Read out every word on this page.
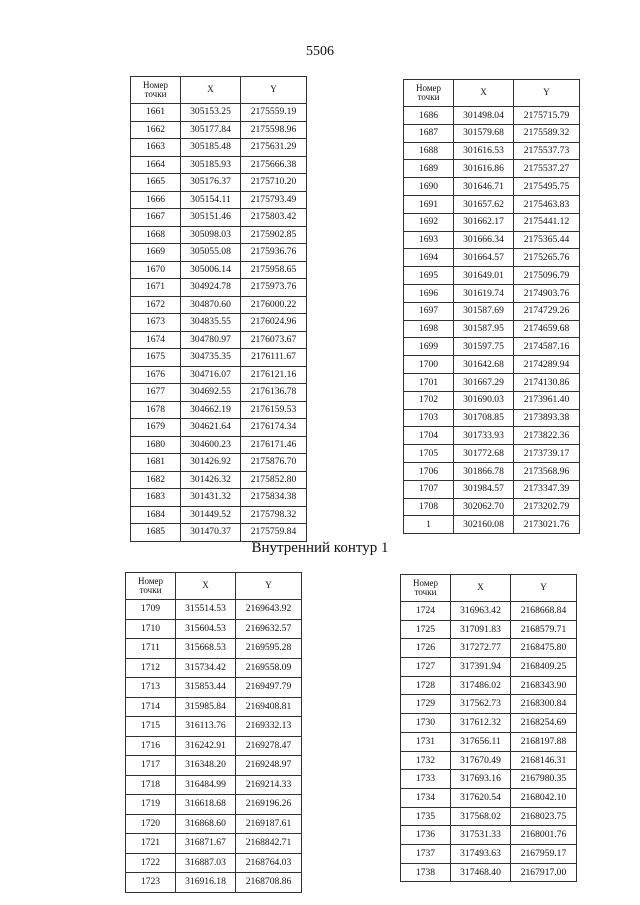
5506
Номер
точки	X	Y
1661	305153.25	2175559.19
1662	305177.84	2175598.96
1663	305185.48	2175631.29
1664	305185.93	2175666.38
1665	305176.37	2175710.20
1666	305154.11	2175793.49
1667	305151.46	2175803.42
1668	305098.03	2175902.85
1669	305055.08	2175936.76
1670	305006.14	2175958.65
1671	304924.78	2175973.76
1672	304870.60	2176000.22
1673	304835.55	2176024.96
1674	304780.97	2176073.67
1675	304735.35	2176111.67
1676	304716.07	2176121.16
1677	304692.55	2176136.78
1678	304662.19	2176159.53
1679	304621.64	2176174.34
1680	304600.23	2176171.46
1681	301426.92	2175876.70
1682	301426.32	2175852.80
1683	301431.32	2175834.38
1684	301449.52	2175798.32
1685	301470.37	2175759.84
Номер
точки	X	Y
1686	301498.04	2175715.79
1687	301579.68	2175589.32
1688	301616.53	2175537.73
1689	301616.86	2175537.27
1690	301646.71	2175495.75
1691	301657.62	2175463.83
1692	301662.17	2175441.12
1693	301666.34	2175365.44
1694	301664.57	2175265.76
1695	301649.01	2175096.79
1696	301619.74	2174903.76
1697	301587.69	2174729.26
1698	301587.95	2174659.68
1699	301597.75	2174587.16
1700	301642.68	2174289.94
1701	301667.29	2174130.86
1702	301690.03	2173961.40
1703	301708.85	2173893.38
1704	301733.93	2173822.36
1705	301772.68	2173739.17
1706	301866.78	2173568.96
1707	301984.57	2173347.39
1708	302062.70	2173202.79
1	302160.08	2173021.76
Внутренний контур 1
Номер
точки	X	Y
1709	315514.53	2169643.92
1710	315604.53	2169632.57
1711	315668.53	2169595.28
1712	315734.42	2169558.09
1713	315853.44	2169497.79
1714	315985.84	2169408.81
1715	316113.76	2169332.13
1716	316242.91	2169278.47
1717	316348.20	2169248.97
1718	316484.99	2169214.33
1719	316618.68	2169196.26
1720	316868.60	2169187.61
1721	316871.67	2168842.71
1722	316887.03	2168764.03
1723	316916.18	2168708.86
Номер
точки	X	Y
1724	316963.42	2168668.84
1725	317091.83	2168579.71
1726	317272.77	2168475.80
1727	317391.94	2168409.25
1728	317486.02	2168343.90
1729	317562.73	2168300.84
1730	317612.32	2168254.69
1731	317656.11	2168197.88
1732	317670.49	2168146.31
1733	317693.16	2167980.35
1734	317620.54	2168042.10
1735	317568.02	2168023.75
1736	317531.33	2168001.76
1737	317493.63	2167959.17
1738	317468.40	2167917.00
